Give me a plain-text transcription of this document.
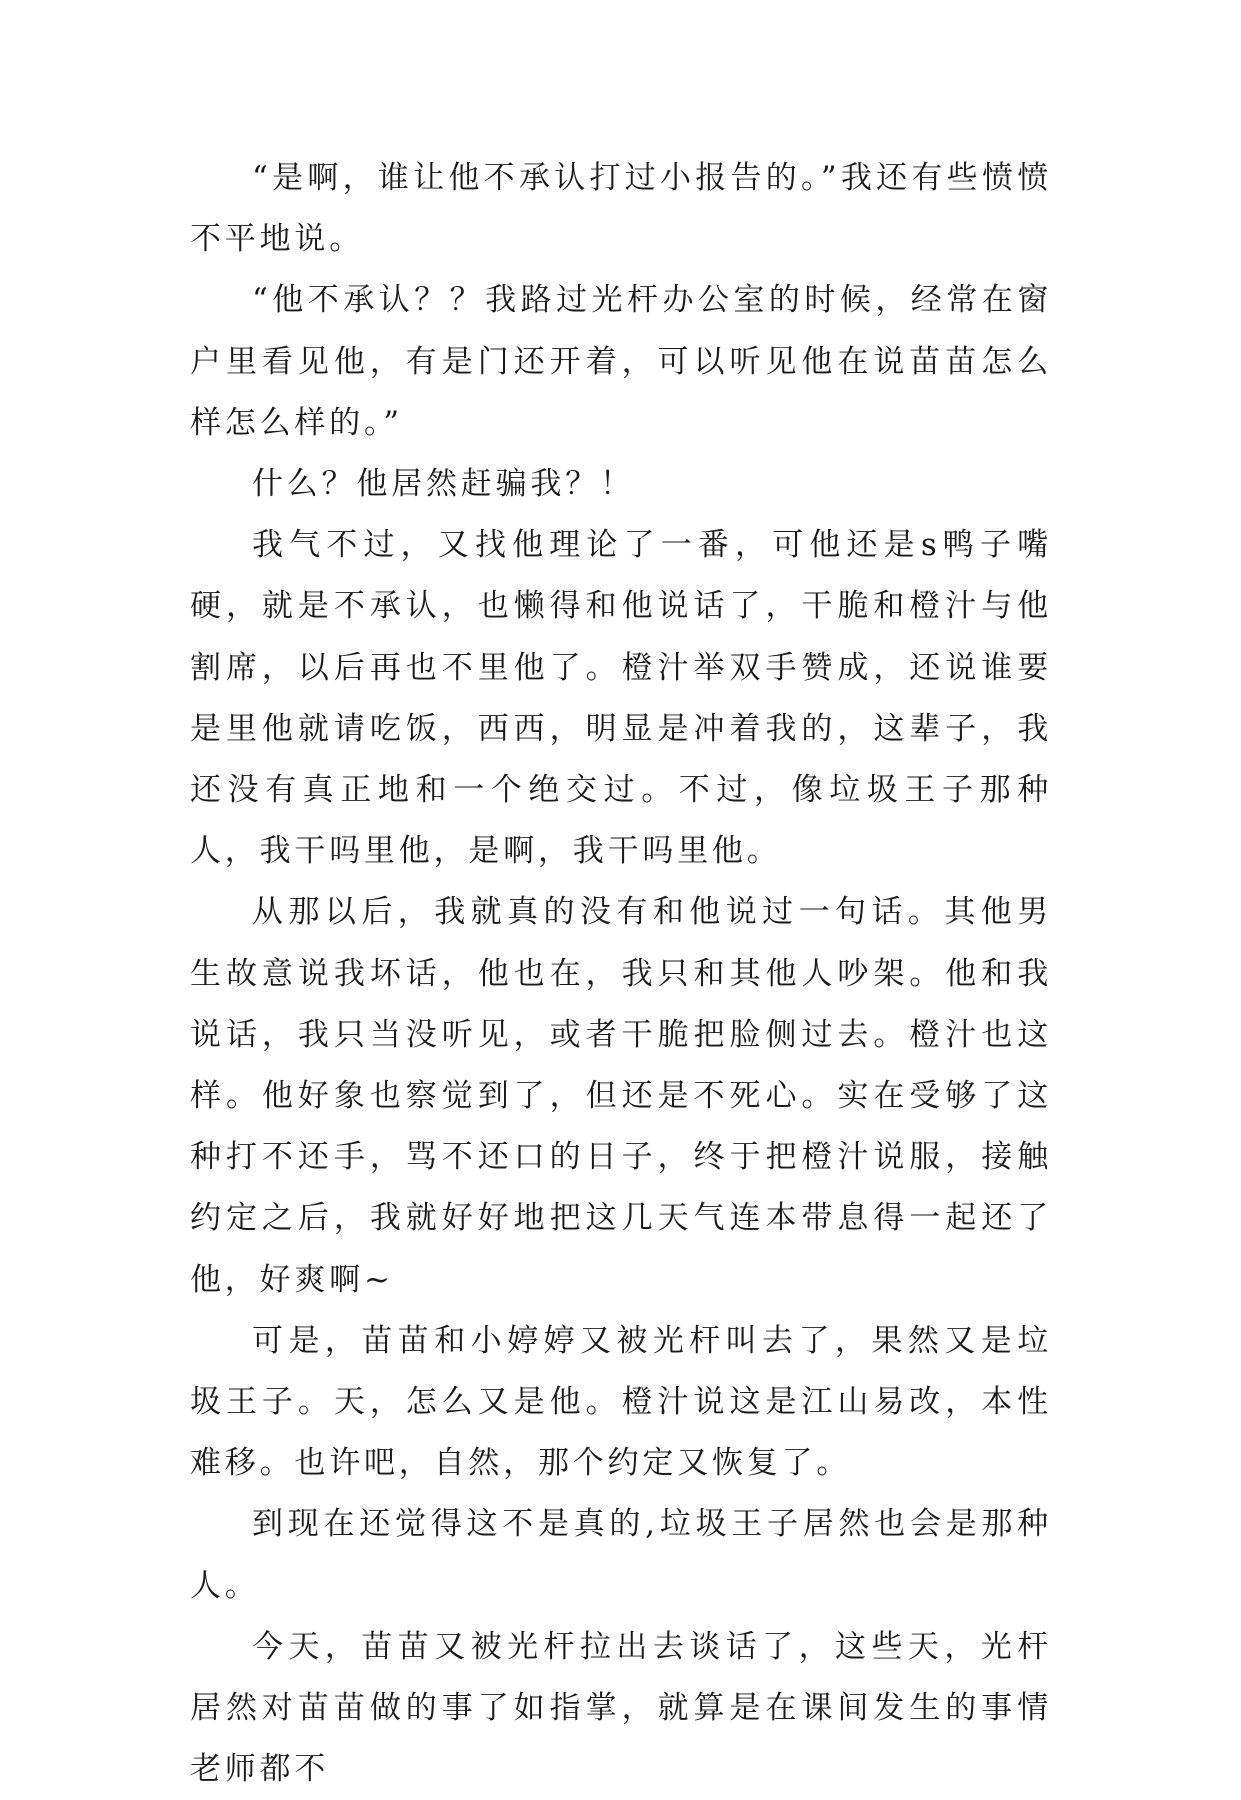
“是啊，谁让他不承认打过小报告的。”我还有些愤愤不平地说。

“他不承认？？我路过光杆办公室的时候，经常在窗户里看见他，有是门还开着，可以听见他在说苗苗怎么样怎么样的。”

什么？他居然赶骗我？！

我气不过，又找他理论了一番，可他还是s鸭子嘴硬，就是不承认，也懒得和他说话了，干脆和橙汁与他割席，以后再也不里他了。橙汁举双手赞成，还说谁要是里他就请吃饭，西西，明显是冲着我的，这辈子，我还没有真正地和一个绝交过。不过，像垃圾王子那种人，我干吗里他，是啊，我干吗里他。

从那以后，我就真的没有和他说过一句话。其他男生故意说我坏话，他也在，我只和其他人吵架。他和我说话，我只当没听见，或者干脆把脸侧过去。橙汁也这样。他好象也察觉到了，但还是不死心。实在受够了这种打不还手，骂不还口的日子，终于把橙汁说服，接触约定之后，我就好好地把这几天气连本带息得一起还了他，好爽啊~

可是，苗苗和小婷婷又被光杆叫去了，果然又是垃圾王子。天，怎么又是他。橙汁说这是江山易改，本性难移。也许吧，自然，那个约定又恢复了。

到现在还觉得这不是真的,垃圾王子居然也会是那种人。

今天，苗苗又被光杆拉出去谈话了，这些天，光杆居然对苗苗做的事了如指掌，就算是在课间发生的事情老师都不
